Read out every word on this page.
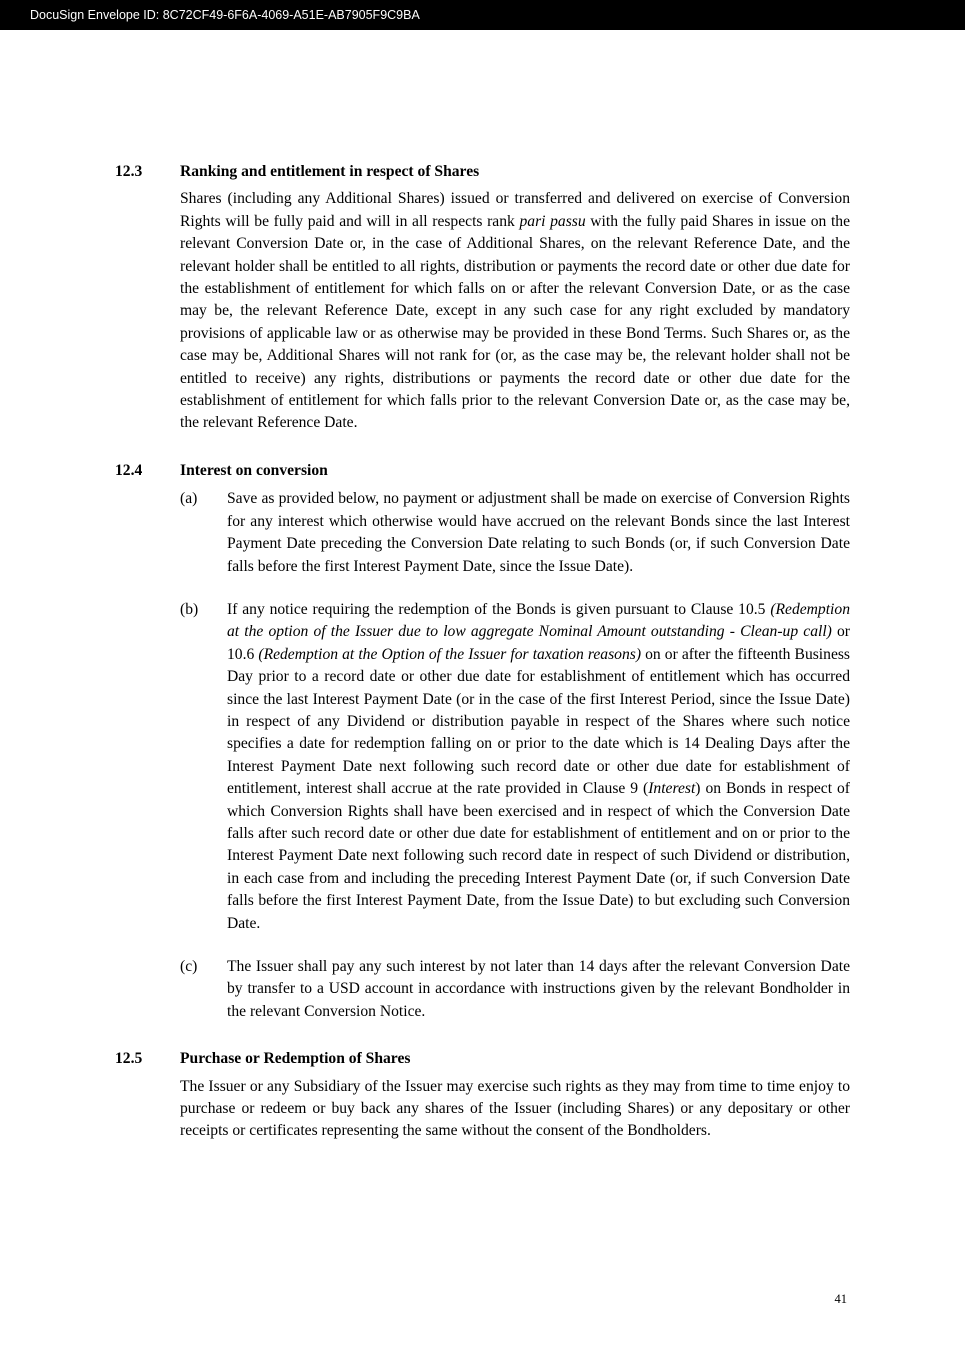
DocuSign Envelope ID: 8C72CF49-6F6A-4069-A51E-AB7905F9C9BA
12.3	Ranking and entitlement in respect of Shares
Shares (including any Additional Shares) issued or transferred and delivered on exercise of Conversion Rights will be fully paid and will in all respects rank pari passu with the fully paid Shares in issue on the relevant Conversion Date or, in the case of Additional Shares, on the relevant Reference Date, and the relevant holder shall be entitled to all rights, distribution or payments the record date or other due date for the establishment of entitlement for which falls on or after the relevant Conversion Date, or as the case may be, the relevant Reference Date, except in any such case for any right excluded by mandatory provisions of applicable law or as otherwise may be provided in these Bond Terms. Such Shares or, as the case may be, Additional Shares will not rank for (or, as the case may be, the relevant holder shall not be entitled to receive) any rights, distributions or payments the record date or other due date for the establishment of entitlement for which falls prior to the relevant Conversion Date or, as the case may be, the relevant Reference Date.
12.4	Interest on conversion
(a)	Save as provided below, no payment or adjustment shall be made on exercise of Conversion Rights for any interest which otherwise would have accrued on the relevant Bonds since the last Interest Payment Date preceding the Conversion Date relating to such Bonds (or, if such Conversion Date falls before the first Interest Payment Date, since the Issue Date).
(b)	If any notice requiring the redemption of the Bonds is given pursuant to Clause 10.5 (Redemption at the option of the Issuer due to low aggregate Nominal Amount outstanding - Clean-up call) or 10.6 (Redemption at the Option of the Issuer for taxation reasons) on or after the fifteenth Business Day prior to a record date or other due date for establishment of entitlement which has occurred since the last Interest Payment Date (or in the case of the first Interest Period, since the Issue Date) in respect of any Dividend or distribution payable in respect of the Shares where such notice specifies a date for redemption falling on or prior to the date which is 14 Dealing Days after the Interest Payment Date next following such record date or other due date for establishment of entitlement, interest shall accrue at the rate provided in Clause 9 (Interest) on Bonds in respect of which Conversion Rights shall have been exercised and in respect of which the Conversion Date falls after such record date or other due date for establishment of entitlement and on or prior to the Interest Payment Date next following such record date in respect of such Dividend or distribution, in each case from and including the preceding Interest Payment Date (or, if such Conversion Date falls before the first Interest Payment Date, from the Issue Date) to but excluding such Conversion Date.
(c)	The Issuer shall pay any such interest by not later than 14 days after the relevant Conversion Date by transfer to a USD account in accordance with instructions given by the relevant Bondholder in the relevant Conversion Notice.
12.5	Purchase or Redemption of Shares
The Issuer or any Subsidiary of the Issuer may exercise such rights as they may from time to time enjoy to purchase or redeem or buy back any shares of the Issuer (including Shares) or any depositary or other receipts or certificates representing the same without the consent of the Bondholders.
41
